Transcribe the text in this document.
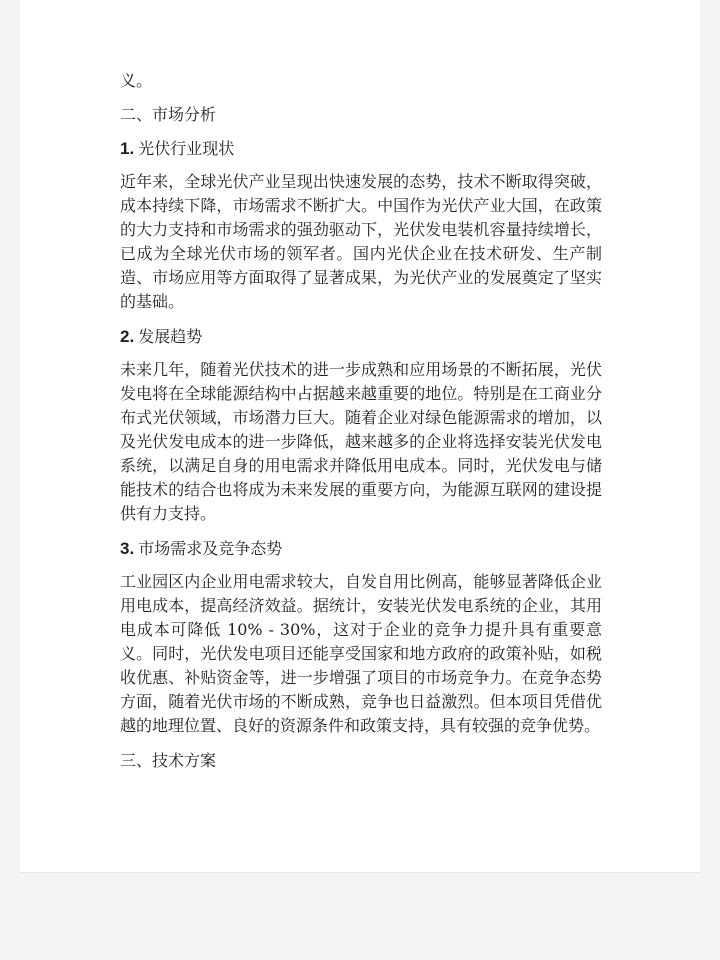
义。

二、市场分析

1. 光伏行业现状

近年来，全球光伏产业呈现出快速发展的态势，技术不断取得突破，成本持续下降，市场需求不断扩大。中国作为光伏产业大国，在政策的大力支持和市场需求的强劲驱动下，光伏发电装机容量持续增长，已成为全球光伏市场的领军者。国内光伏企业在技术研发、生产制造、市场应用等方面取得了显著成果，为光伏产业的发展奠定了坚实的基础。

2. 发展趋势

未来几年，随着光伏技术的进一步成熟和应用场景的不断拓展，光伏发电将在全球能源结构中占据越来越重要的地位。特别是在工商业分布式光伏领域，市场潜力巨大。随着企业对绿色能源需求的增加，以及光伏发电成本的进一步降低，越来越多的企业将选择安装光伏发电系统，以满足自身的用电需求并降低用电成本。同时，光伏发电与储能技术的结合也将成为未来发展的重要方向，为能源互联网的建设提供有力支持。

3. 市场需求及竞争态势

工业园区内企业用电需求较大，自发自用比例高，能够显著降低企业用电成本，提高经济效益。据统计，安装光伏发电系统的企业，其用电成本可降低 10% - 30%，这对于企业的竞争力提升具有重要意义。同时，光伏发电项目还能享受国家和地方政府的政策补贴，如税收优惠、补贴资金等，进一步增强了项目的市场竞争力。在竞争态势方面，随着光伏市场的不断成熟，竞争也日益激烈。但本项目凭借优越的地理位置、良好的资源条件和政策支持，具有较强的竞争优势。

三、技术方案
